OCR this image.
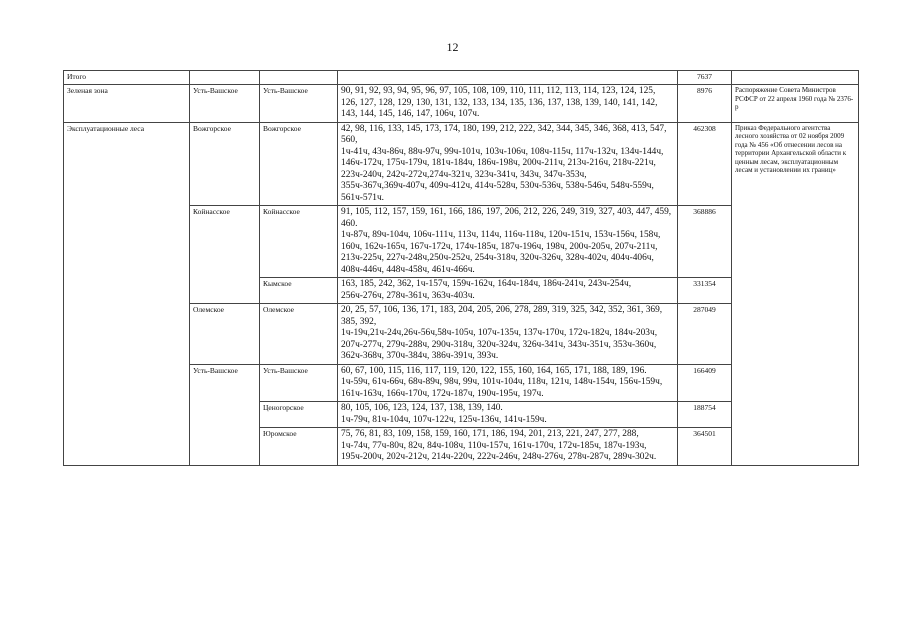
12
Итого				7637	
Зеленая зона	Усть-Вашское	Усть-Вашское	90, 91, 92, 93, 94, 95, 96, 97, 105, 108, 109, 110, 111, 112, 113, 114, 123, 124, 125, 126, 127, 128, 129, 130, 131, 132, 133, 134, 135, 136, 137, 138, 139, 140, 141, 142, 143, 144, 145, 146, 147, 106ч, 107ч.	8976	Распоряжение Совета Министров РСФСР от 22 апреля 1960 года № 2376-р
Эксплуатационные леса	Вожгорское	Вожгорское	42, 98, 116, 133, 145, 173, 174, 180, 199, 212, 222, 342, 344, 345, 346, 368, 413, 547, 560,
1ч-41ч, 43ч-86ч, 88ч-97ч, 99ч-101ч, 103ч-106ч, 108ч-115ч, 117ч-132ч, 134ч-144ч, 146ч-172ч, 175ч-179ч, 181ч-184ч, 186ч-198ч, 200ч-211ч, 213ч-216ч, 218ч-221ч, 223ч-240ч, 242ч-272ч,274ч-321ч, 323ч-341ч, 343ч, 347ч-353ч, 355ч-367ч,369ч-407ч, 409ч-412ч, 414ч-528ч, 530ч-536ч, 538ч-546ч, 548ч-559ч, 561ч-571ч.	462308	Приказ Федерального агентства лесного хозяйства от 02 ноября 2009 года № 456 «Об отнесении лесов на территории Архангельской области к ценным лесам, эксплуатационным лесам и установлении их границ»
	Койнасское	Койнасское	91, 105, 112, 157, 159, 161, 166, 186, 197, 206, 212, 226, 249, 319, 327, 403, 447, 459, 460.
1ч-87ч, 89ч-104ч, 106ч-111ч, 113ч, 114ч, 116ч-118ч, 120ч-151ч, 153ч-156ч, 158ч, 160ч, 162ч-165ч, 167ч-172ч, 174ч-185ч, 187ч-196ч, 198ч, 200ч-205ч, 207ч-211ч, 213ч-225ч, 227ч-248ч,250ч-252ч, 254ч-318ч, 320ч-326ч, 328ч-402ч, 404ч-406ч, 408ч-446ч, 448ч-458ч, 461ч-466ч.	368886	
		Кымское	163, 185, 242, 362, 1ч-157ч, 159ч-162ч, 164ч-184ч, 186ч-241ч, 243ч-254ч, 256ч-276ч, 278ч-361ч, 363ч-403ч.	331354	
	Олемское	Олемское	20, 25, 57, 106, 136, 171, 183, 204, 205, 206, 278, 289, 319, 325, 342, 352, 361, 369, 385, 392,
1ч-19ч,21ч-24ч,26ч-56ч,58ч-105ч, 107ч-135ч, 137ч-170ч, 172ч-182ч, 184ч-203ч, 207ч-277ч, 279ч-288ч, 290ч-318ч, 320ч-324ч, 326ч-341ч, 343ч-351ч, 353ч-360ч, 362ч-368ч, 370ч-384ч, 386ч-391ч, 393ч.	287049	
	Усть-Вашское	Усть-Вашское	60, 67, 100, 115, 116, 117, 119, 120, 122, 155, 160, 164, 165, 171, 188, 189, 196.
1ч-59ч, 61ч-66ч, 68ч-89ч, 98ч, 99ч, 101ч-104ч, 118ч, 121ч, 148ч-154ч, 156ч-159ч, 161ч-163ч, 166ч-170ч, 172ч-187ч, 190ч-195ч, 197ч.	166409	
		Ценогорское	80, 105, 106, 123, 124, 137, 138, 139, 140.
1ч-79ч, 81ч-104ч, 107ч-122ч, 125ч-136ч, 141ч-159ч.	188754	
		Юромское	75, 76, 81, 83, 109, 158, 159, 160, 171, 186, 194, 201, 213, 221, 247, 277, 288,
1ч-74ч, 77ч-80ч, 82ч, 84ч-108ч, 110ч-157ч, 161ч-170ч, 172ч-185ч, 187ч-193ч, 195ч-200ч, 202ч-212ч, 214ч-220ч, 222ч-246ч, 248ч-276ч, 278ч-287ч, 289ч-302ч.	364501	
